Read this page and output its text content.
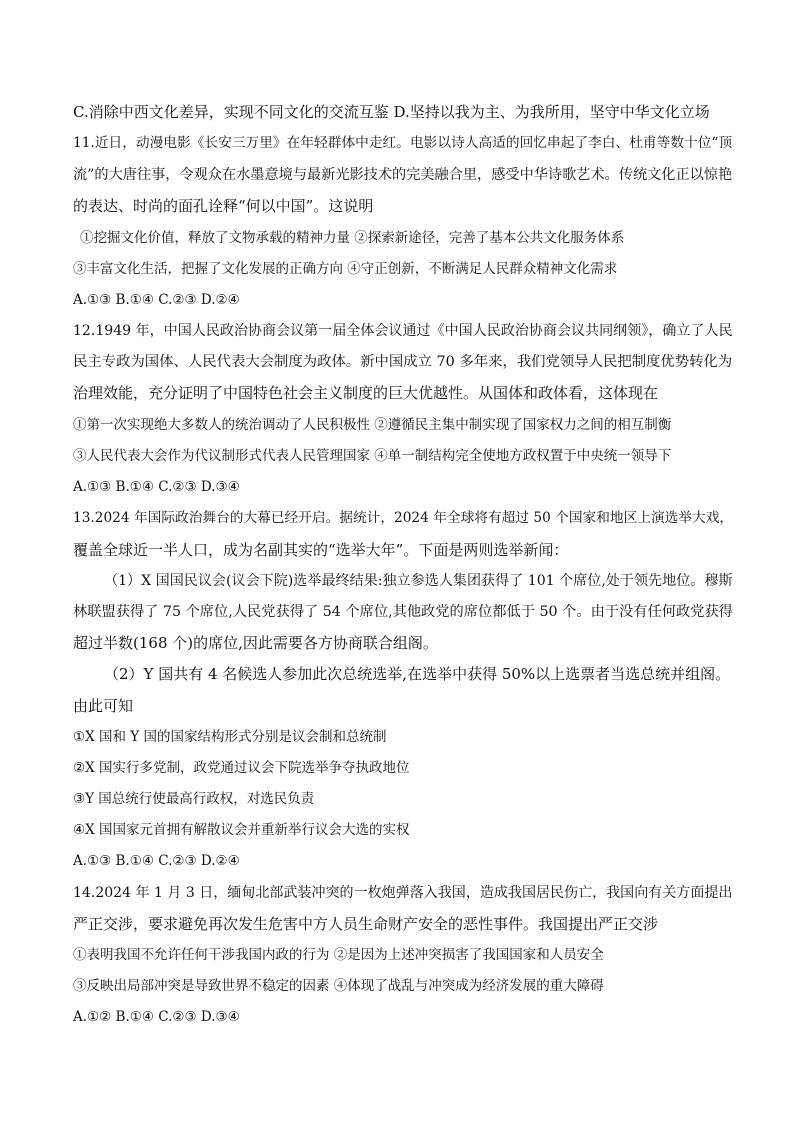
C.消除中西文化差异，实现不同文化的交流互鉴 D.坚持以我为主、为我所用，坚守中华文化立场
11.近日，动漫电影《长安三万里》在年轻群体中走红。电影以诗人高适的回忆串起了李白、杜甫等数十位“顶
流”的大唐往事，令观众在水墨意境与最新光影技术的完美融合里，感受中华诗歌艺术。传统文化正以惊艳
的表达、时尚的面孔诠释“何以中国”。这说明
①挖掘文化价值，释放了文物承载的精神力量 ②探索新途径，完善了基本公共文化服务体系
③丰富文化生活，把握了文化发展的正确方向 ④守正创新，不断满足人民群众精神文化需求
A.①③ B.①④ C.②③ D.②④
12.1949 年，中国人民政治协商会议第一届全体会议通过《中国人民政治协商会议共同纲领》，确立了人民
民主专政为国体、人民代表大会制度为政体。新中国成立 70 多年来，我们党领导人民把制度优势转化为
治理效能，充分证明了中国特色社会主义制度的巨大优越性。从国体和政体看，这体现在
①第一次实现绝大多数人的统治调动了人民积极性 ②遵循民主集中制实现了国家权力之间的相互制衡
③人民代表大会作为代议制形式代表人民管理国家 ④单一制结构完全使地方政权置于中央统一领导下
A.①③ B.①④ C.②③ D.③④
13.2024 年国际政治舞台的大幕已经开启。据统计，2024 年全球将有超过 50 个国家和地区上演选举大戏，
覆盖全球近一半人口，成为名副其实的“选举大年”。下面是两则选举新闻：
（1）X 国国民议会(议会下院)选举最终结果:独立参选人集团获得了 101 个席位,处于领先地位。穆斯
林联盟获得了 75 个席位,人民党获得了 54 个席位,其他政党的席位都低于 50 个。由于没有任何政党获得
超过半数(168 个)的席位,因此需要各方协商联合组阁。
（2）Y 国共有 4 名候选人参加此次总统选举,在选举中获得 50%以上选票者当选总统并组阁。
由此可知
①X 国和 Y 国的国家结构形式分别是议会制和总统制
②X 国实行多党制，政党通过议会下院选举争夺执政地位
③Y 国总统行使最高行政权，对选民负责
④X 国国家元首拥有解散议会并重新举行议会大选的实权
A.①③ B.①④ C.②③ D.②④
14.2024 年 1 月 3 日，缅甸北部武装冲突的一枚炮弹落入我国，造成我国居民伤亡，我国向有关方面提出
严正交涉，要求避免再次发生危害中方人员生命财产安全的恶性事件。我国提出严正交涉
①表明我国不允许任何干涉我国内政的行为 ②是因为上述冲突损害了我国国家和人员安全
③反映出局部冲突是导致世界不稳定的因素 ④体现了战乱与冲突成为经济发展的重大障碍
A.①② B.①④ C.②③ D.③④
